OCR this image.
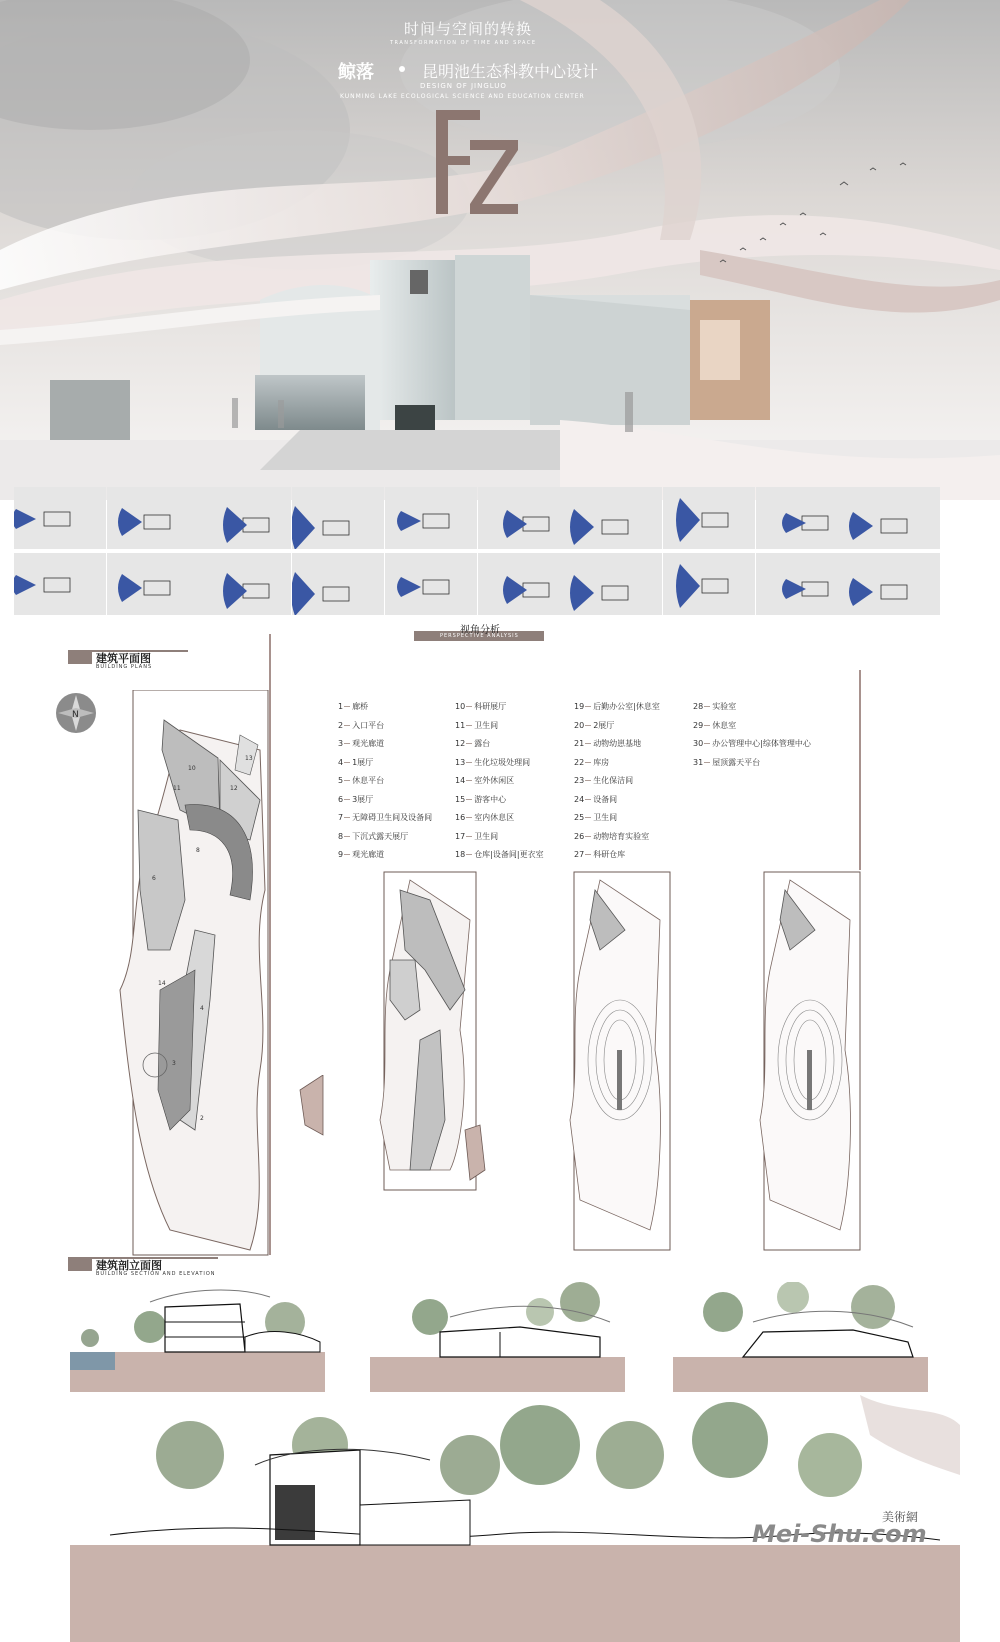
时间与空间的转换
TRANSFORMATION OF TIME AND SPACE
鲸落	昆明池生态科教中心设计
DESIGN OF JINGLUO
KUNMING LAKE ECOLOGICAL SCIENCE AND EDUCATION CENTER
视角分析
PERSPECTIVE ANALYSIS
建筑平面图
BUILDING PLANS
N
10
11	12
13
8
6
14
4
3
2
1 廊桥
2 入口平台
3 观光廊道
4 1展厅
5 休息平台
6 3展厅
7 无障碍卫生间及设备间
8 下沉式露天展厅
9 观光廊道
10 科研展厅
11 卫生间
12 露台
13 生化垃圾处理间
14 室外休闲区
15 游客中心
16 室内休息区
17 卫生间
18 仓库|设备间|更衣室
19 后勤办公室|休息室
20 2展厅
21 动物幼崽基地
22 库房
23 生化保洁间
24 设备间
25 卫生间
26 动物培育实验室
27 科研仓库
28 实验室
29 休息室
30 办公管理中心|综体管理中心
31 屋顶露天平台
建筑剖立面图
BUILDING SECTION AND ELEVATION
美術網
Mei-Shu.com
